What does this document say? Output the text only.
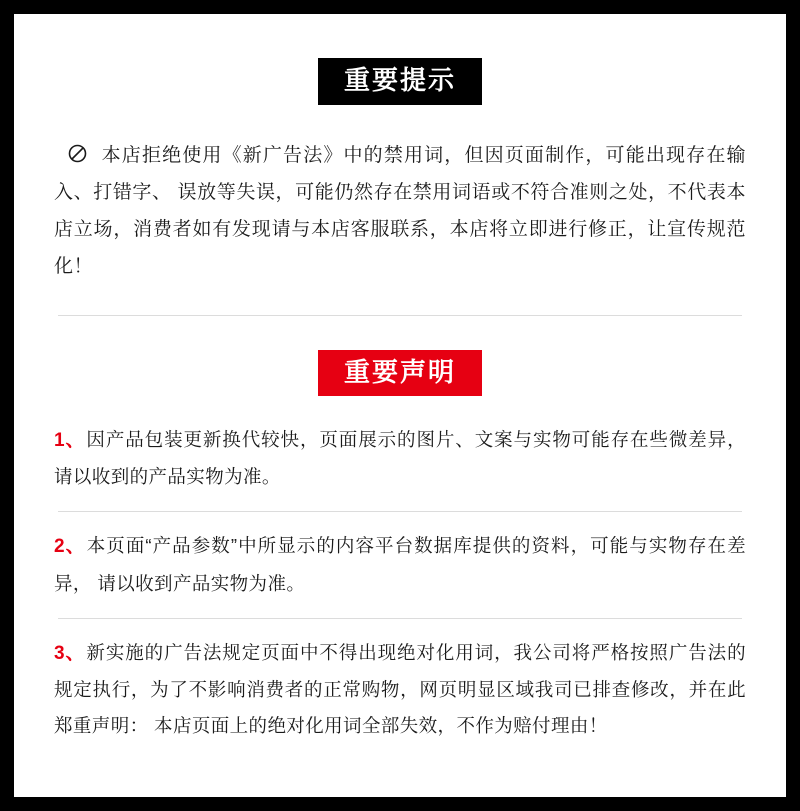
重要提示
本店拒绝使用《新广告法》中的禁用词，但因页面制作，可能出现存在输入、打错字、 误放等失误，可能仍然存在禁用词语或不符合准则之处，不代表本店立场，消费者如有发现请与本店客服联系，本店将立即进行修正，让宣传规范化！
重要声明
1、因产品包装更新换代较快，页面展示的图片、文案与实物可能存在些微差异，请以收到的产品实物为准。
2、本页面“产品参数”中所显示的内容平台数据库提供的资料，可能与实物存在差异， 请以收到产品实物为准。
3、新实施的广告法规定页面中不得出现绝对化用词，我公司将严格按照广告法的规定执行，为了不影响消费者的正常购物，网页明显区域我司已排查修改，并在此郑重声明： 本店页面上的绝对化用词全部失效，不作为赔付理由！
